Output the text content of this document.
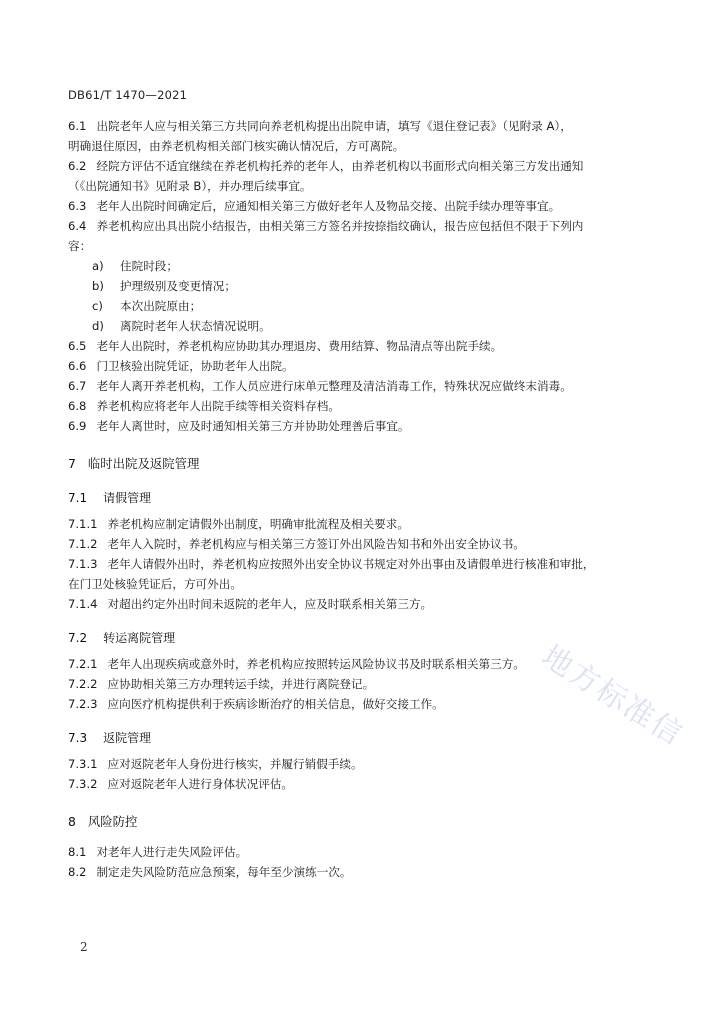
DB61/T 1470—2021

6.1 出院老年人应与相关第三方共同向养老机构提出出院申请，填写《退住登记表》（见附录 A），

明确退住原因，由养老机构相关部门核实确认情况后，方可离院。

6.2 经院方评估不适宜继续在养老机构托养的老年人，由养老机构以书面形式向相关第三方发出通知

（《出院通知书》见附录 B），并办理后续事宜。

6.3 老年人出院时间确定后，应通知相关第三方做好老年人及物品交接、出院手续办理等事宜。

6.4 养老机构应出具出院小结报告，由相关第三方签名并按捺指纹确认，报告应包括但不限于下列内

容：

a) 住院时段；
b) 护理级别及变更情况；
c) 本次出院原由；
d) 离院时老年人状态情况说明。

6.5 老年人出院时，养老机构应协助其办理退房、费用结算、物品清点等出院手续。

6.6 门卫核验出院凭证，协助老年人出院。

6.7 老年人离开养老机构，工作人员应进行床单元整理及清洁消毒工作，特殊状况应做终末消毒。

6.8 养老机构应将老年人出院手续等相关资料存档。

6.9 老年人离世时，应及时通知相关第三方并协助处理善后事宜。

7 临时出院及返院管理
7.1 请假管理

7.1.1 养老机构应制定请假外出制度，明确审批流程及相关要求。

7.1.2 老年人入院时，养老机构应与相关第三方签订外出风险告知书和外出安全协议书。

7.1.3 老年人请假外出时，养老机构应按照外出安全协议书规定对外出事由及请假单进行核准和审批，

在门卫处核验凭证后，方可外出。

7.1.4 对超出约定外出时间未返院的老年人，应及时联系相关第三方。

7.2 转运离院管理

7.2.1 老年人出现疾病或意外时，养老机构应按照转运风险协议书及时联系相关第三方。

7.2.2 应协助相关第三方办理转运手续，并进行离院登记。

7.2.3 应向医疗机构提供利于疾病诊断治疗的相关信息，做好交接工作。

7.3 返院管理

7.3.1 应对返院老年人身份进行核实，并履行销假手续。

7.3.2 应对返院老年人进行身体状况评估。

8 风险防控

8.1 对老年人进行走失风险评估。

8.2 制定走失风险防范应急预案，每年至少演练一次。

地方标准信
2
